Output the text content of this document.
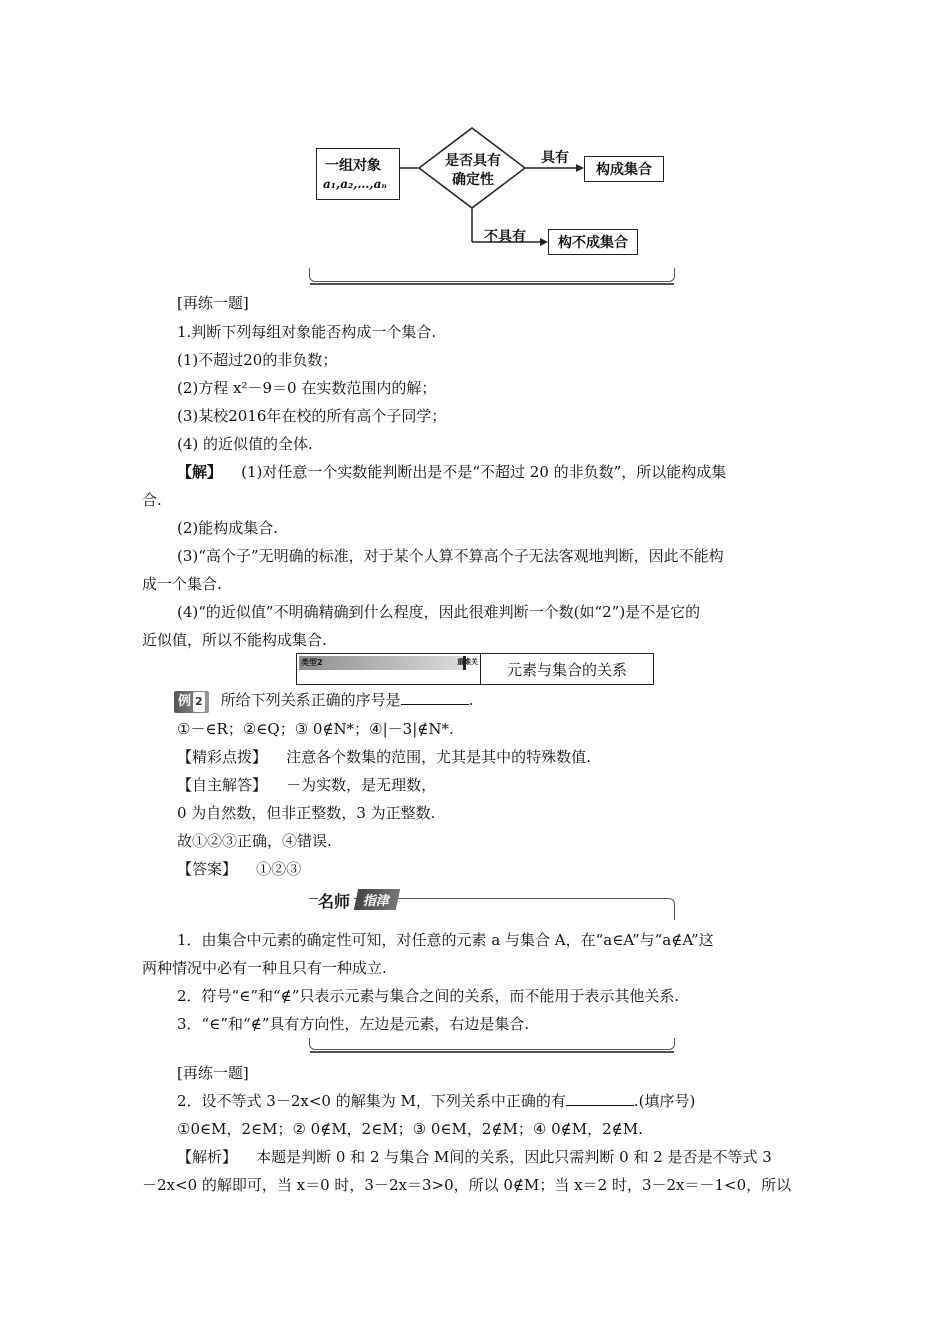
一组对象
a₁,a₂,…,aₙ
是否具有
确定性
具有
构成集合
不具有 构不成集合
[再练一题]
1.判断下列每组对象能否构成一个集合.
(1)不超过20的非负数；
(2)方程 x²－9＝0 在实数范围内的解；
(3)某校2016年在校的所有高个子同学；
(4) 的近似值的全体.
【解】 (1)对任意一个实数能判断出是不是“不超过 20 的非负数”，所以能构成集
合.
(2)能构成集合.
(3)“高个子”无明确的标准，对于某个人算不算高个子无法客观地判断，因此不能构
成一个集合.
(4)“的近似值”不明确精确到什么程度，因此很难判断一个数(如“2”)是不是它的
近似值，所以不能构成集合.
类型2	重难关	元素与集合的关系
例 2 所给下列关系正确的序号是	.
①－∈R；②∈Q；③ 0∉N*；④|－3|∉N*.
【精彩点拨】 注意各个数集的范围，尤其是其中的特殊数值.
【自主解答】 －为实数，是无理数，
0 为自然数，但非正整数，3 为正整数.
故①②③正确，④错误.
【答案】 ①②③
名师 指津
1．由集合中元素的确定性可知，对任意的元素 a 与集合 A，在“a∈A”与“a∉A”这
两种情况中必有一种且只有一种成立.
2．符号“∈”和“∉”只表示元素与集合之间的关系，而不能用于表示其他关系.
3．“∈”和“∉”具有方向性，左边是元素，右边是集合.
[再练一题]
2．设不等式 3－2x<0 的解集为 M，下列关系中正确的有	.(填序号)
①0∈M，2∈M；② 0∉M，2∈M；③ 0∈M，2∉M；④ 0∉M，2∉M.
【解析】 本题是判断 0 和 2 与集合 M间的关系，因此只需判断 0 和 2 是否是不等式 3
－2x<0 的解即可，当 x＝0 时，3－2x＝3>0，所以 0∉M；当 x＝2 时，3－2x＝－1<0，所以
